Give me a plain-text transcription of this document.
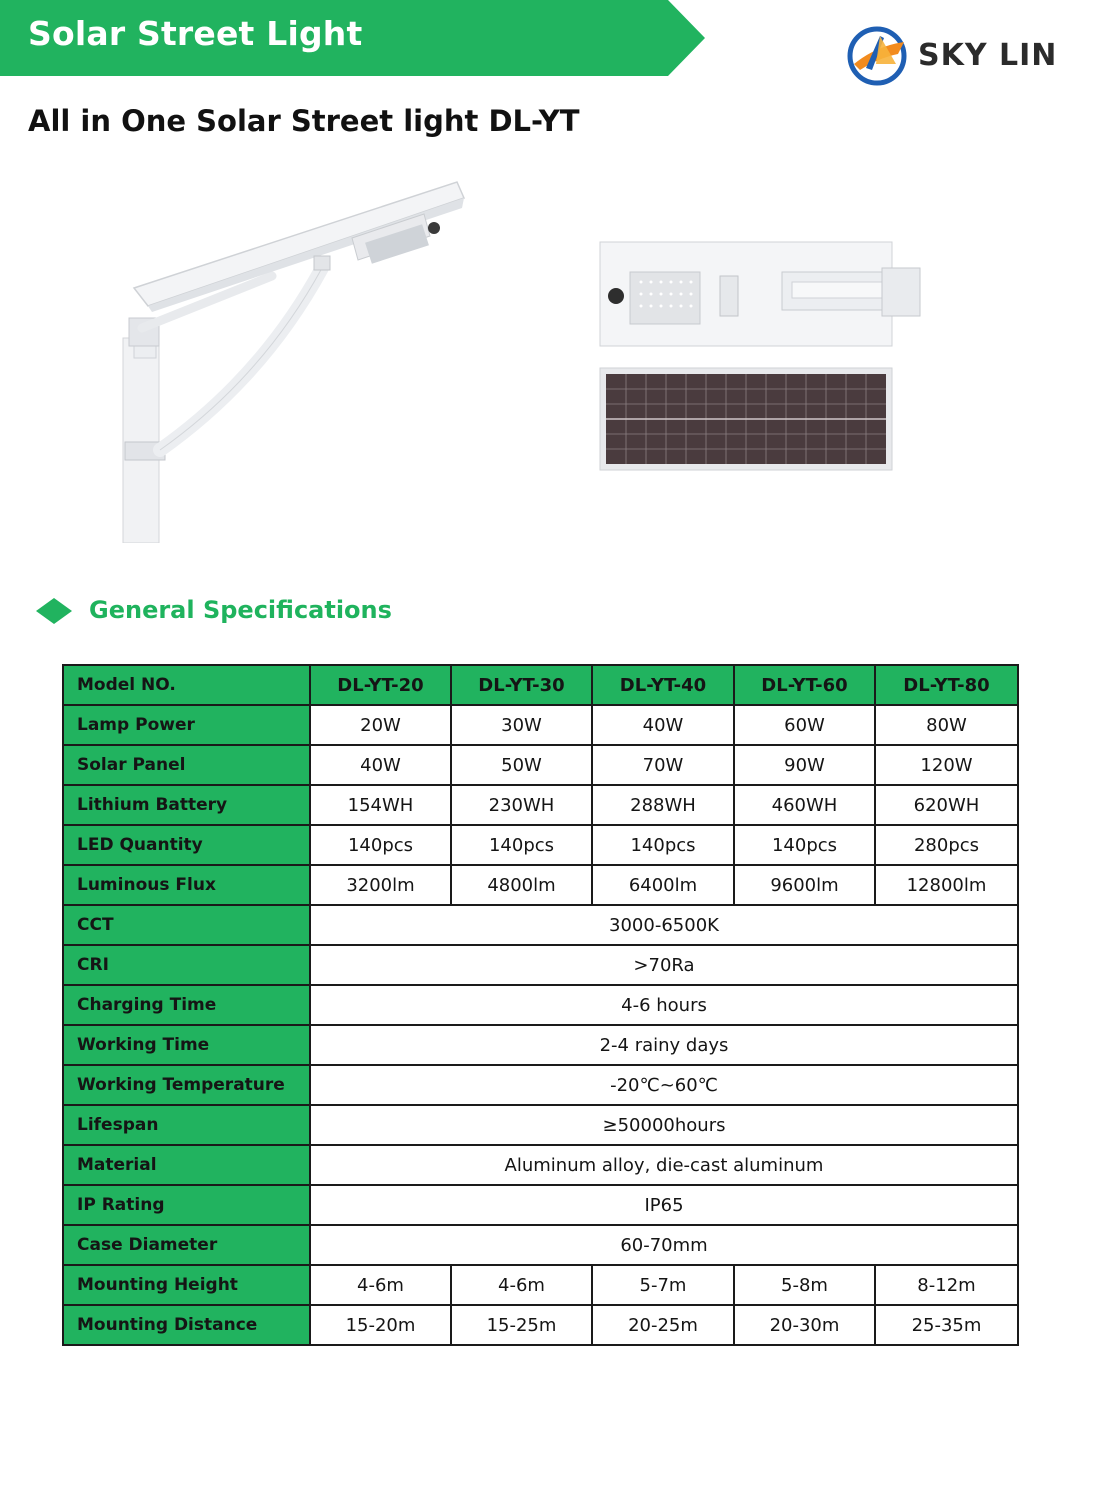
Solar Street Light
SKY LIN
All in One Solar Street light DL-YT
General Specifications
Model NO.	DL-YT-20	DL-YT-30	DL-YT-40	DL-YT-60	DL-YT-80
Lamp Power	20W	30W	40W	60W	80W
Solar Panel	40W	50W	70W	90W	120W
Lithium Battery	154WH	230WH	288WH	460WH	620WH
LED Quantity	140pcs	140pcs	140pcs	140pcs	280pcs
Luminous Flux	3200lm	4800lm	6400lm	9600lm	12800lm
CCT	3000-6500K				
CRI	>70Ra				
Charging Time	4-6 hours				
Working Time	2-4 rainy days				
Working Temperature	-20℃~60℃				
Lifespan	≥50000hours				
Material	Aluminum alloy, die-cast aluminum				
IP Rating	IP65				
Case Diameter	60-70mm				
Mounting Height	4-6m	4-6m	5-7m	5-8m	8-12m
Mounting Distance	15-20m	15-25m	20-25m	20-30m	25-35m
